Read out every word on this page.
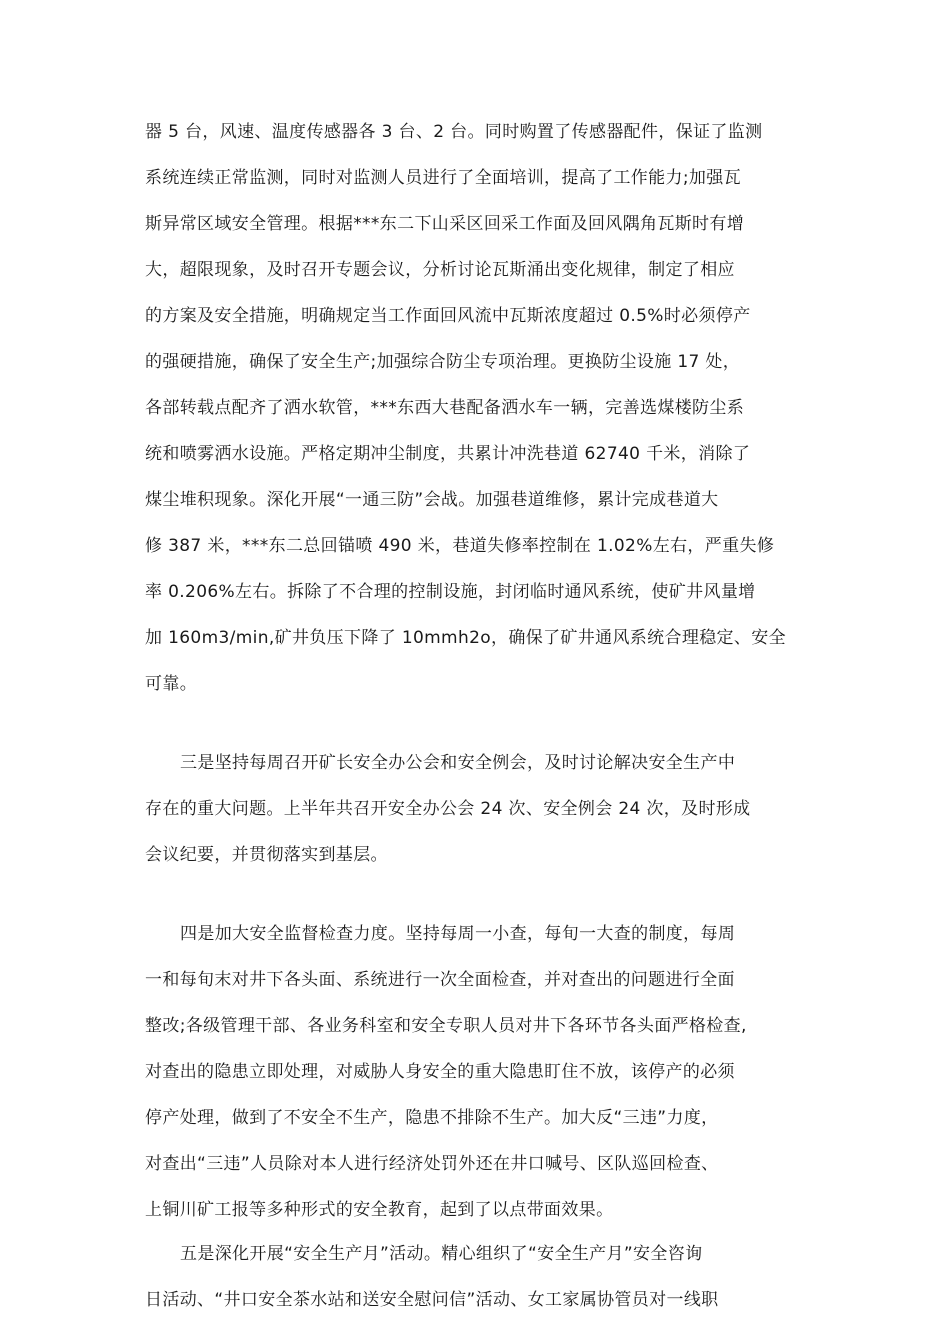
器 5 台，风速、温度传感器各 3 台、2 台。同时购置了传感器配件，保证了监测
系统连续正常监测，同时对监测人员进行了全面培训，提高了工作能力;加强瓦
斯异常区域安全管理。根据***东二下山采区回采工作面及回风隅角瓦斯时有增
大，超限现象，及时召开专题会议，分析讨论瓦斯涌出变化规律，制定了相应
的方案及安全措施，明确规定当工作面回风流中瓦斯浓度超过 0.5%时必须停产
的强硬措施，确保了安全生产;加强综合防尘专项治理。更换防尘设施 17 处，
各部转载点配齐了洒水软管，***东西大巷配备洒水车一辆，完善选煤楼防尘系
统和喷雾洒水设施。严格定期冲尘制度，共累计冲洗巷道 62740 千米，消除了
煤尘堆积现象。深化开展“一通三防”会战。加强巷道维修，累计完成巷道大
修 387 米，***东二总回锚喷 490 米，巷道失修率控制在 1.02%左右，严重失修
率 0.206%左右。拆除了不合理的控制设施，封闭临时通风系统，使矿井风量增
加 160m3/min,矿井负压下降了 10mmh2o，确保了矿井通风系统合理稳定、安全
可靠。
三是坚持每周召开矿长安全办公会和安全例会，及时讨论解决安全生产中
存在的重大问题。上半年共召开安全办公会 24 次、安全例会 24 次，及时形成
会议纪要，并贯彻落实到基层。
四是加大安全监督检查力度。坚持每周一小查，每旬一大查的制度，每周
一和每旬末对井下各头面、系统进行一次全面检查，并对查出的问题进行全面
整改;各级管理干部、各业务科室和安全专职人员对井下各环节各头面严格检查,
对查出的隐患立即处理，对威胁人身安全的重大隐患盯住不放，该停产的必须
停产处理，做到了不安全不生产，隐患不排除不生产。加大反“三违”力度，
对查出“三违”人员除对本人进行经济处罚外还在井口喊号、区队巡回检查、
上铜川矿工报等多种形式的安全教育，起到了以点带面效果。
五是深化开展“安全生产月”活动。精心组织了“安全生产月”安全咨询
日活动、“井口安全茶水站和送安全慰问信”活动、女工家属协管员对一线职
